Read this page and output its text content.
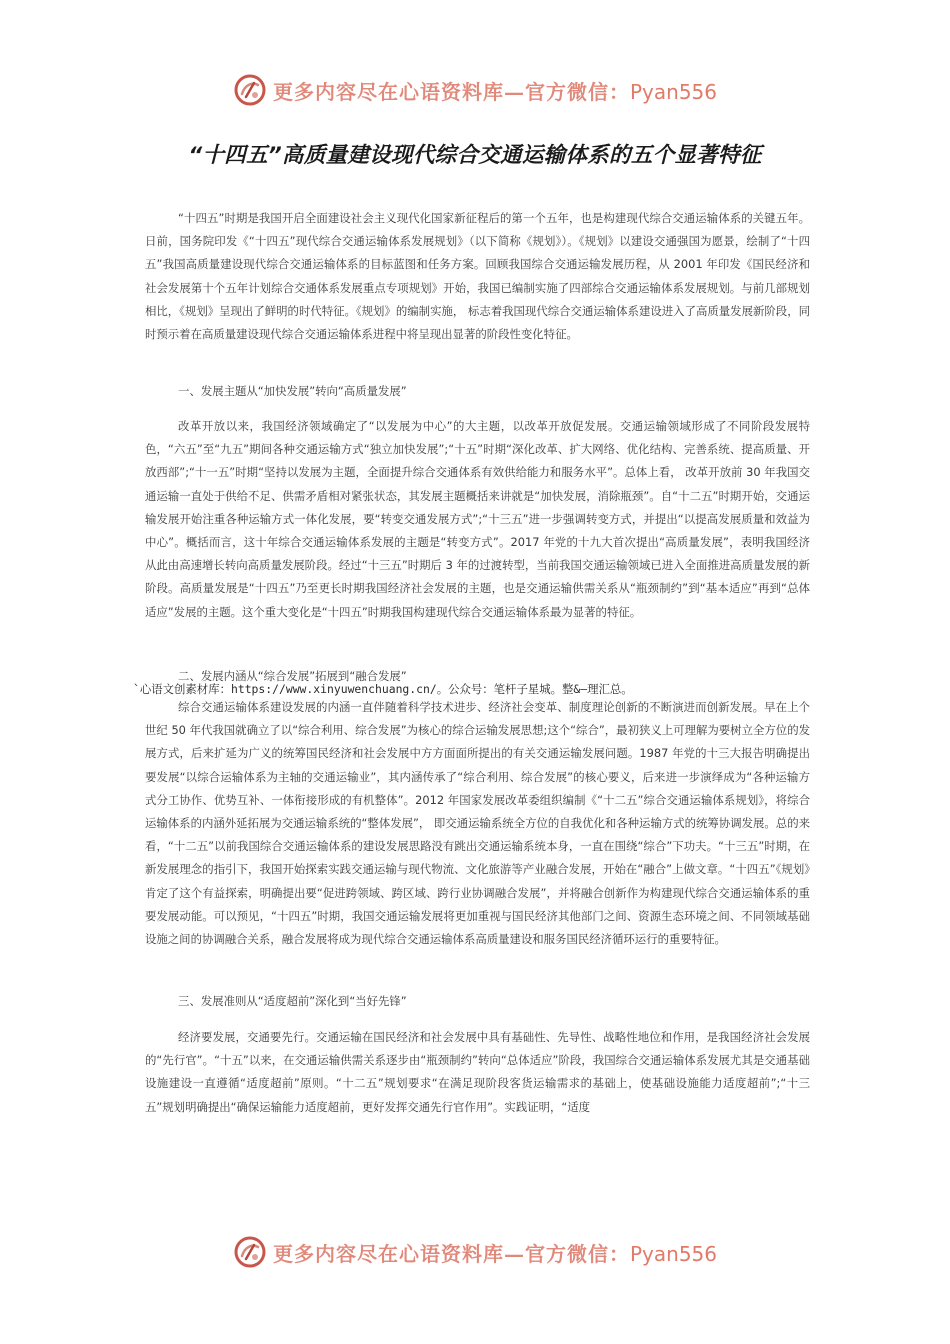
更多内容尽在心语资料库—官方微信：Pyan556
“十四五”高质量建设现代综合交通运输体系的五个显著特征

“十四五”时期是我国开启全面建设社会主义现代化国家新征程后的第一个五年，也是构建现代综合交通运输体系的关键五年。日前，国务院印发《“十四五”现代综合交通运输体系发展规划》（以下简称《规划》）。《规划》以建设交通强国为愿景，绘制了“十四五”我国高质量建设现代综合交通运输体系的目标蓝图和任务方案。回顾我国综合交通运输发展历程，从 2001 年印发《国民经济和社会发展第十个五年计划综合交通体系发展重点专项规划》开始，我国已编制实施了四部综合交通运输体系发展规划。与前几部规划相比，《规划》呈现出了鲜明的时代特征。《规划》的编制实施， 标志着我国现代综合交通运输体系建设进入了高质量发展新阶段，同时预示着在高质量建设现代综合交通运输体系进程中将呈现出显著的阶段性变化特征。

一、发展主题从“加快发展”转向“高质量发展”

改革开放以来，我国经济领域确定了“以发展为中心”的大主题，以改革开放促发展。交通运输领域形成了不同阶段发展特色，“六五”至“九五”期间各种交通运输方式“独立加快发展”;“十五”时期“深化改革、扩大网络、优化结构、完善系统、提高质量、开放西部”;“十一五”时期“坚持以发展为主题，全面提升综合交通体系有效供给能力和服务水平”。总体上看， 改革开放前 30 年我国交通运输一直处于供给不足、供需矛盾相对紧张状态，其发展主题概括来讲就是“加快发展，消除瓶颈”。自“十二五”时期开始，交通运输发展开始注重各种运输方式一体化发展，要“转变交通发展方式”;“十三五”进一步强调转变方式，并提出“以提高发展质量和效益为中心”。概括而言，这十年综合交通运输体系发展的主题是“转变方式”。2017 年党的十九大首次提出“高质量发展”，表明我国经济从此由高速增长转向高质量发展阶段。经过“十三五”时期后 3 年的过渡转型，当前我国交通运输领域已进入全面推进高质量发展的新阶段。高质量发展是“十四五”乃至更长时期我国经济社会发展的主题，也是交通运输供需关系从“瓶颈制约”到“基本适应”再到“总体适应”发展的主题。这个重大变化是“十四五”时期我国构建现代综合交通运输体系最为显著的特征。

二、发展内涵从“综合发展”拓展到“融合发展”

`心语文创素材库：https://www.xinyuwenchuang.cn/。公众号：笔杆子星城。整&—理汇总。

综合交通运输体系建设发展的内涵一直伴随着科学技术进步、经济社会变革、制度理论创新的不断演进而创新发展。早在上个世纪 50 年代我国就确立了以“综合利用、综合发展”为核心的综合运输发展思想;这个“综合”，最初狭义上可理解为要树立全方位的发展方式，后来扩延为广义的统筹国民经济和社会发展中方方面面所提出的有关交通运输发展问题。1987 年党的十三大报告明确提出要发展“以综合运输体系为主轴的交通运输业”，其内涵传承了“综合利用、综合发展”的核心要义，后来进一步演绎成为“各种运输方式分工协作、优势互补、一体衔接形成的有机整体”。2012 年国家发展改革委组织编制《“十二五”综合交通运输体系规划》，将综合运输体系的内涵外延拓展为交通运输系统的“整体发展”， 即交通运输系统全方位的自我优化和各种运输方式的统筹协调发展。总的来看，“十二五”以前我国综合交通运输体系的建设发展思路没有跳出交通运输系统本身，一直在围绕“综合”下功夫。“十三五”时期，在新发展理念的指引下，我国开始探索实践交通运输与现代物流、文化旅游等产业融合发展，开始在“融合”上做文章。“十四五”《规划》肯定了这个有益探索，明确提出要“促进跨领域、跨区域、跨行业协调融合发展”，并将融合创新作为构建现代综合交通运输体系的重要发展动能。可以预见，“十四五”时期，我国交通运输发展将更加重视与国民经济其他部门之间、资源生态环境之间、不同领域基础设施之间的协调融合关系，融合发展将成为现代综合交通运输体系高质量建设和服务国民经济循环运行的重要特征。

三、发展准则从“适度超前”深化到“当好先锋”

经济要发展，交通要先行。交通运输在国民经济和社会发展中具有基础性、先导性、战略性地位和作用，是我国经济社会发展的“先行官”。“十五”以来，在交通运输供需关系逐步由“瓶颈制约”转向“总体适应”阶段，我国综合交通运输体系发展尤其是交通基础设施建设一直遵循“适度超前”原则。“十二五”规划要求“在满足现阶段客货运输需求的基础上，使基础设施能力适度超前”;“十三五”规划明确提出“确保运输能力适度超前，更好发挥交通先行官作用”。实践证明，“适度

更多内容尽在心语资料库—官方微信：Pyan556
